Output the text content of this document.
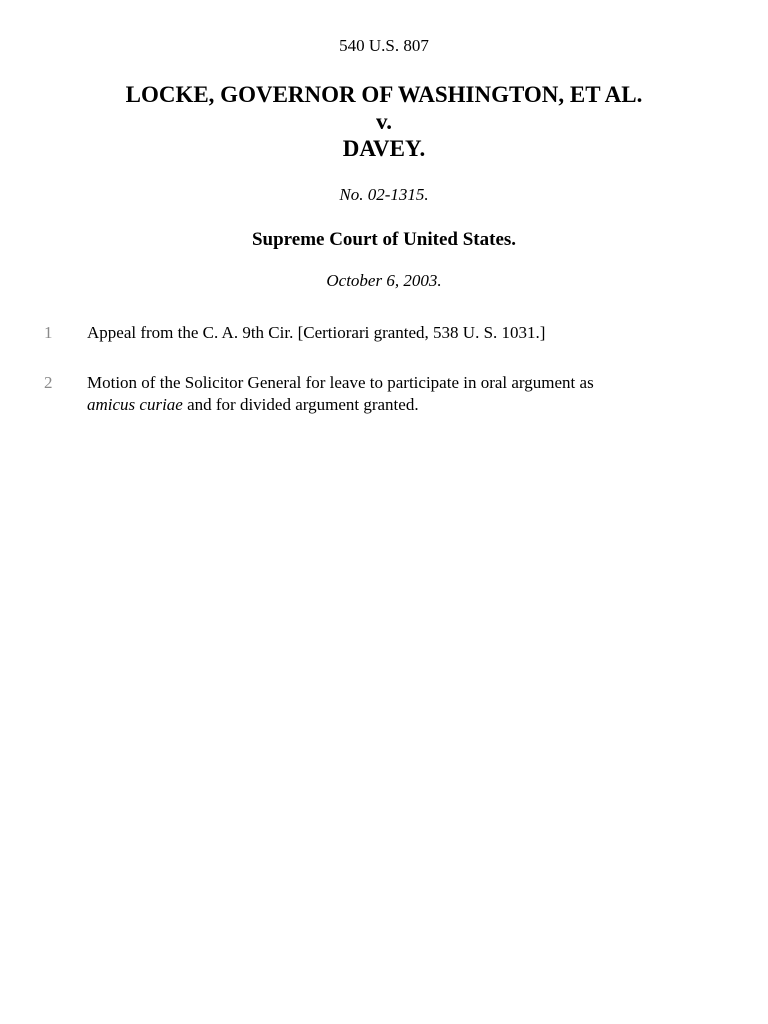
540 U.S. 807
LOCKE, GOVERNOR OF WASHINGTON, ET AL.
v.
DAVEY.
No. 02-1315.
Supreme Court of United States.
October 6, 2003.
1	Appeal from the C. A. 9th Cir. [Certiorari granted, 538 U. S. 1031.]
2	Motion of the Solicitor General for leave to participate in oral argument as
amicus curiae and for divided argument granted.
